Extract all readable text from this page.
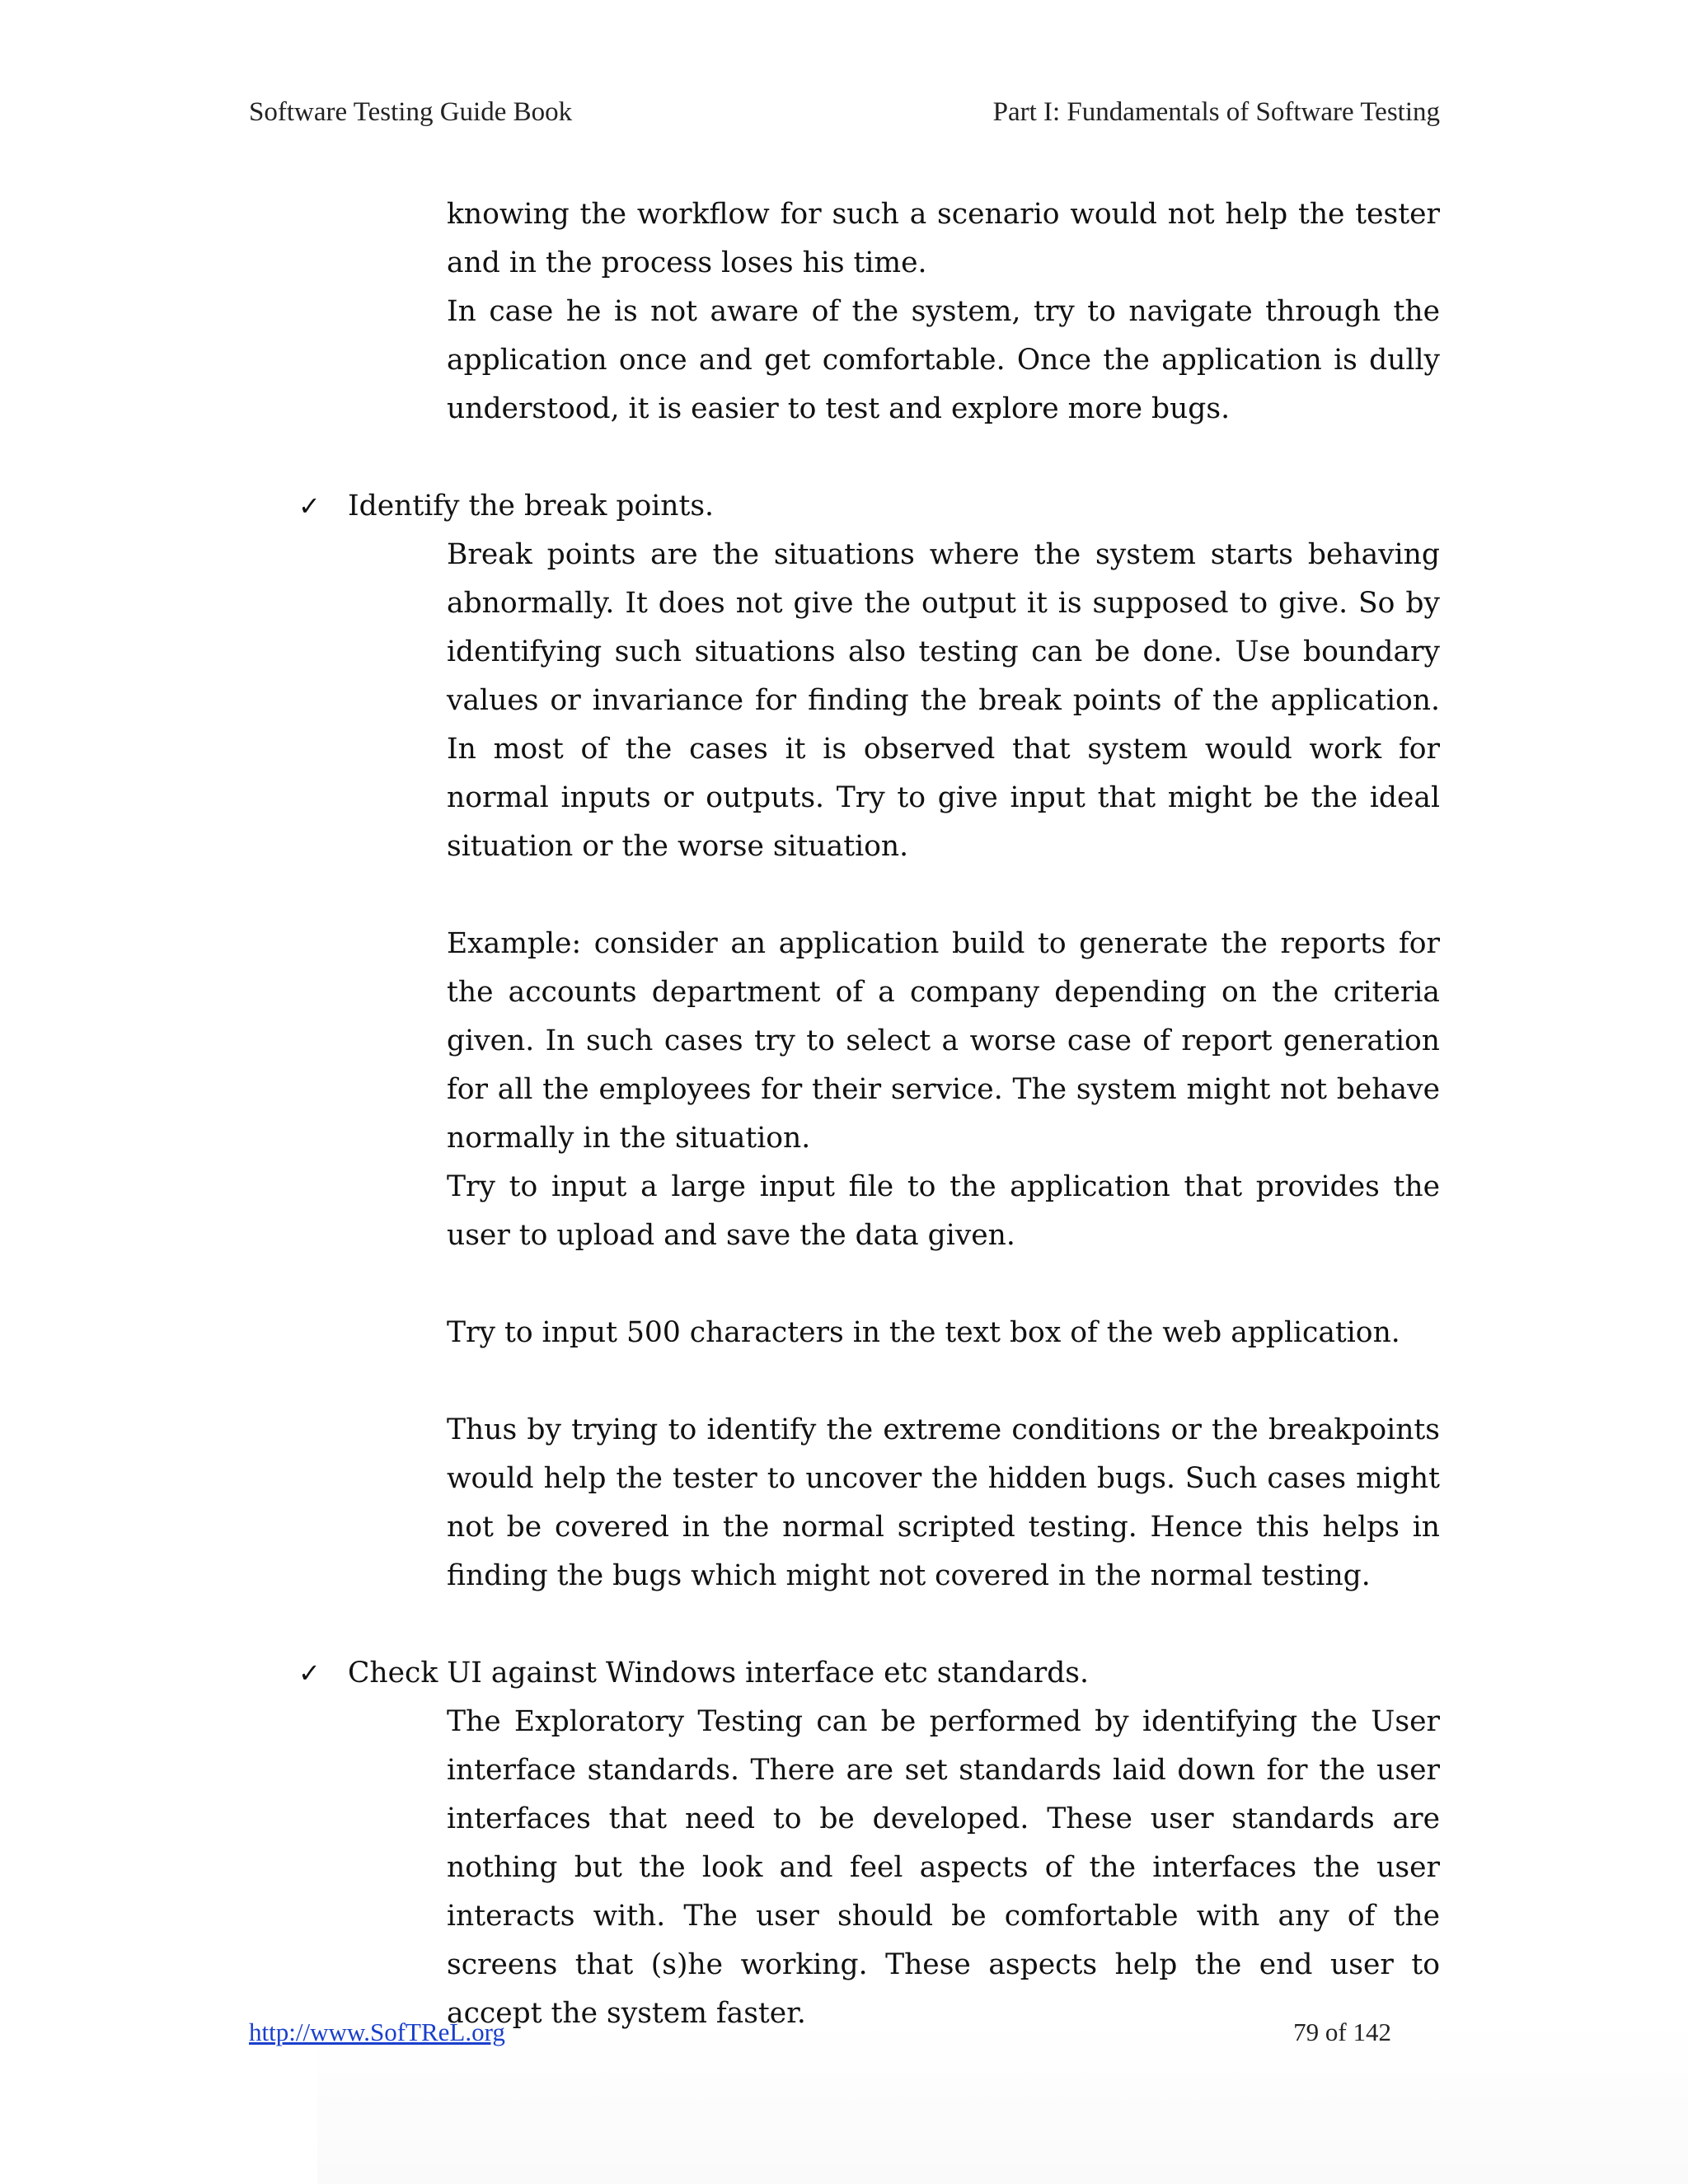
Software Testing Guide Book	Part I: Fundamentals of Software Testing

knowing the workflow for such a scenario would not help the tester and in the process loses his time.

In case he is not aware of the system, try to navigate through the application once and get comfortable. Once the application is dully understood, it is easier to test and explore more bugs.

✓ Identify the break points.

Break points are the situations where the system starts behaving abnormally. It does not give the output it is supposed to give. So by identifying such situations also testing can be done. Use boundary values or invariance for finding the break points of the application. In most of the cases it is observed that system would work for normal inputs or outputs. Try to give input that might be the ideal situation or the worse situation.

Example: consider an application build to generate the reports for the accounts department of a company depending on the criteria given. In such cases try to select a worse case of report generation for all the employees for their service. The system might not behave normally in the situation.

Try to input a large input file to the application that provides the user to upload and save the data given.

Try to input 500 characters in the text box of the web application.

Thus by trying to identify the extreme conditions or the breakpoints would help the tester to uncover the hidden bugs. Such cases might not be covered in the normal scripted testing. Hence this helps in finding the bugs which might not covered in the normal testing.

✓ Check UI against Windows interface etc standards.

The Exploratory Testing can be performed by identifying the User interface standards. There are set standards laid down for the user interfaces that need to be developed. These user standards are nothing but the look and feel aspects of the interfaces the user interacts with. The user should be comfortable with any of the screens that (s)he working. These aspects help the end user to accept the system faster.

http://www.SofTReL.org	79 of 142
